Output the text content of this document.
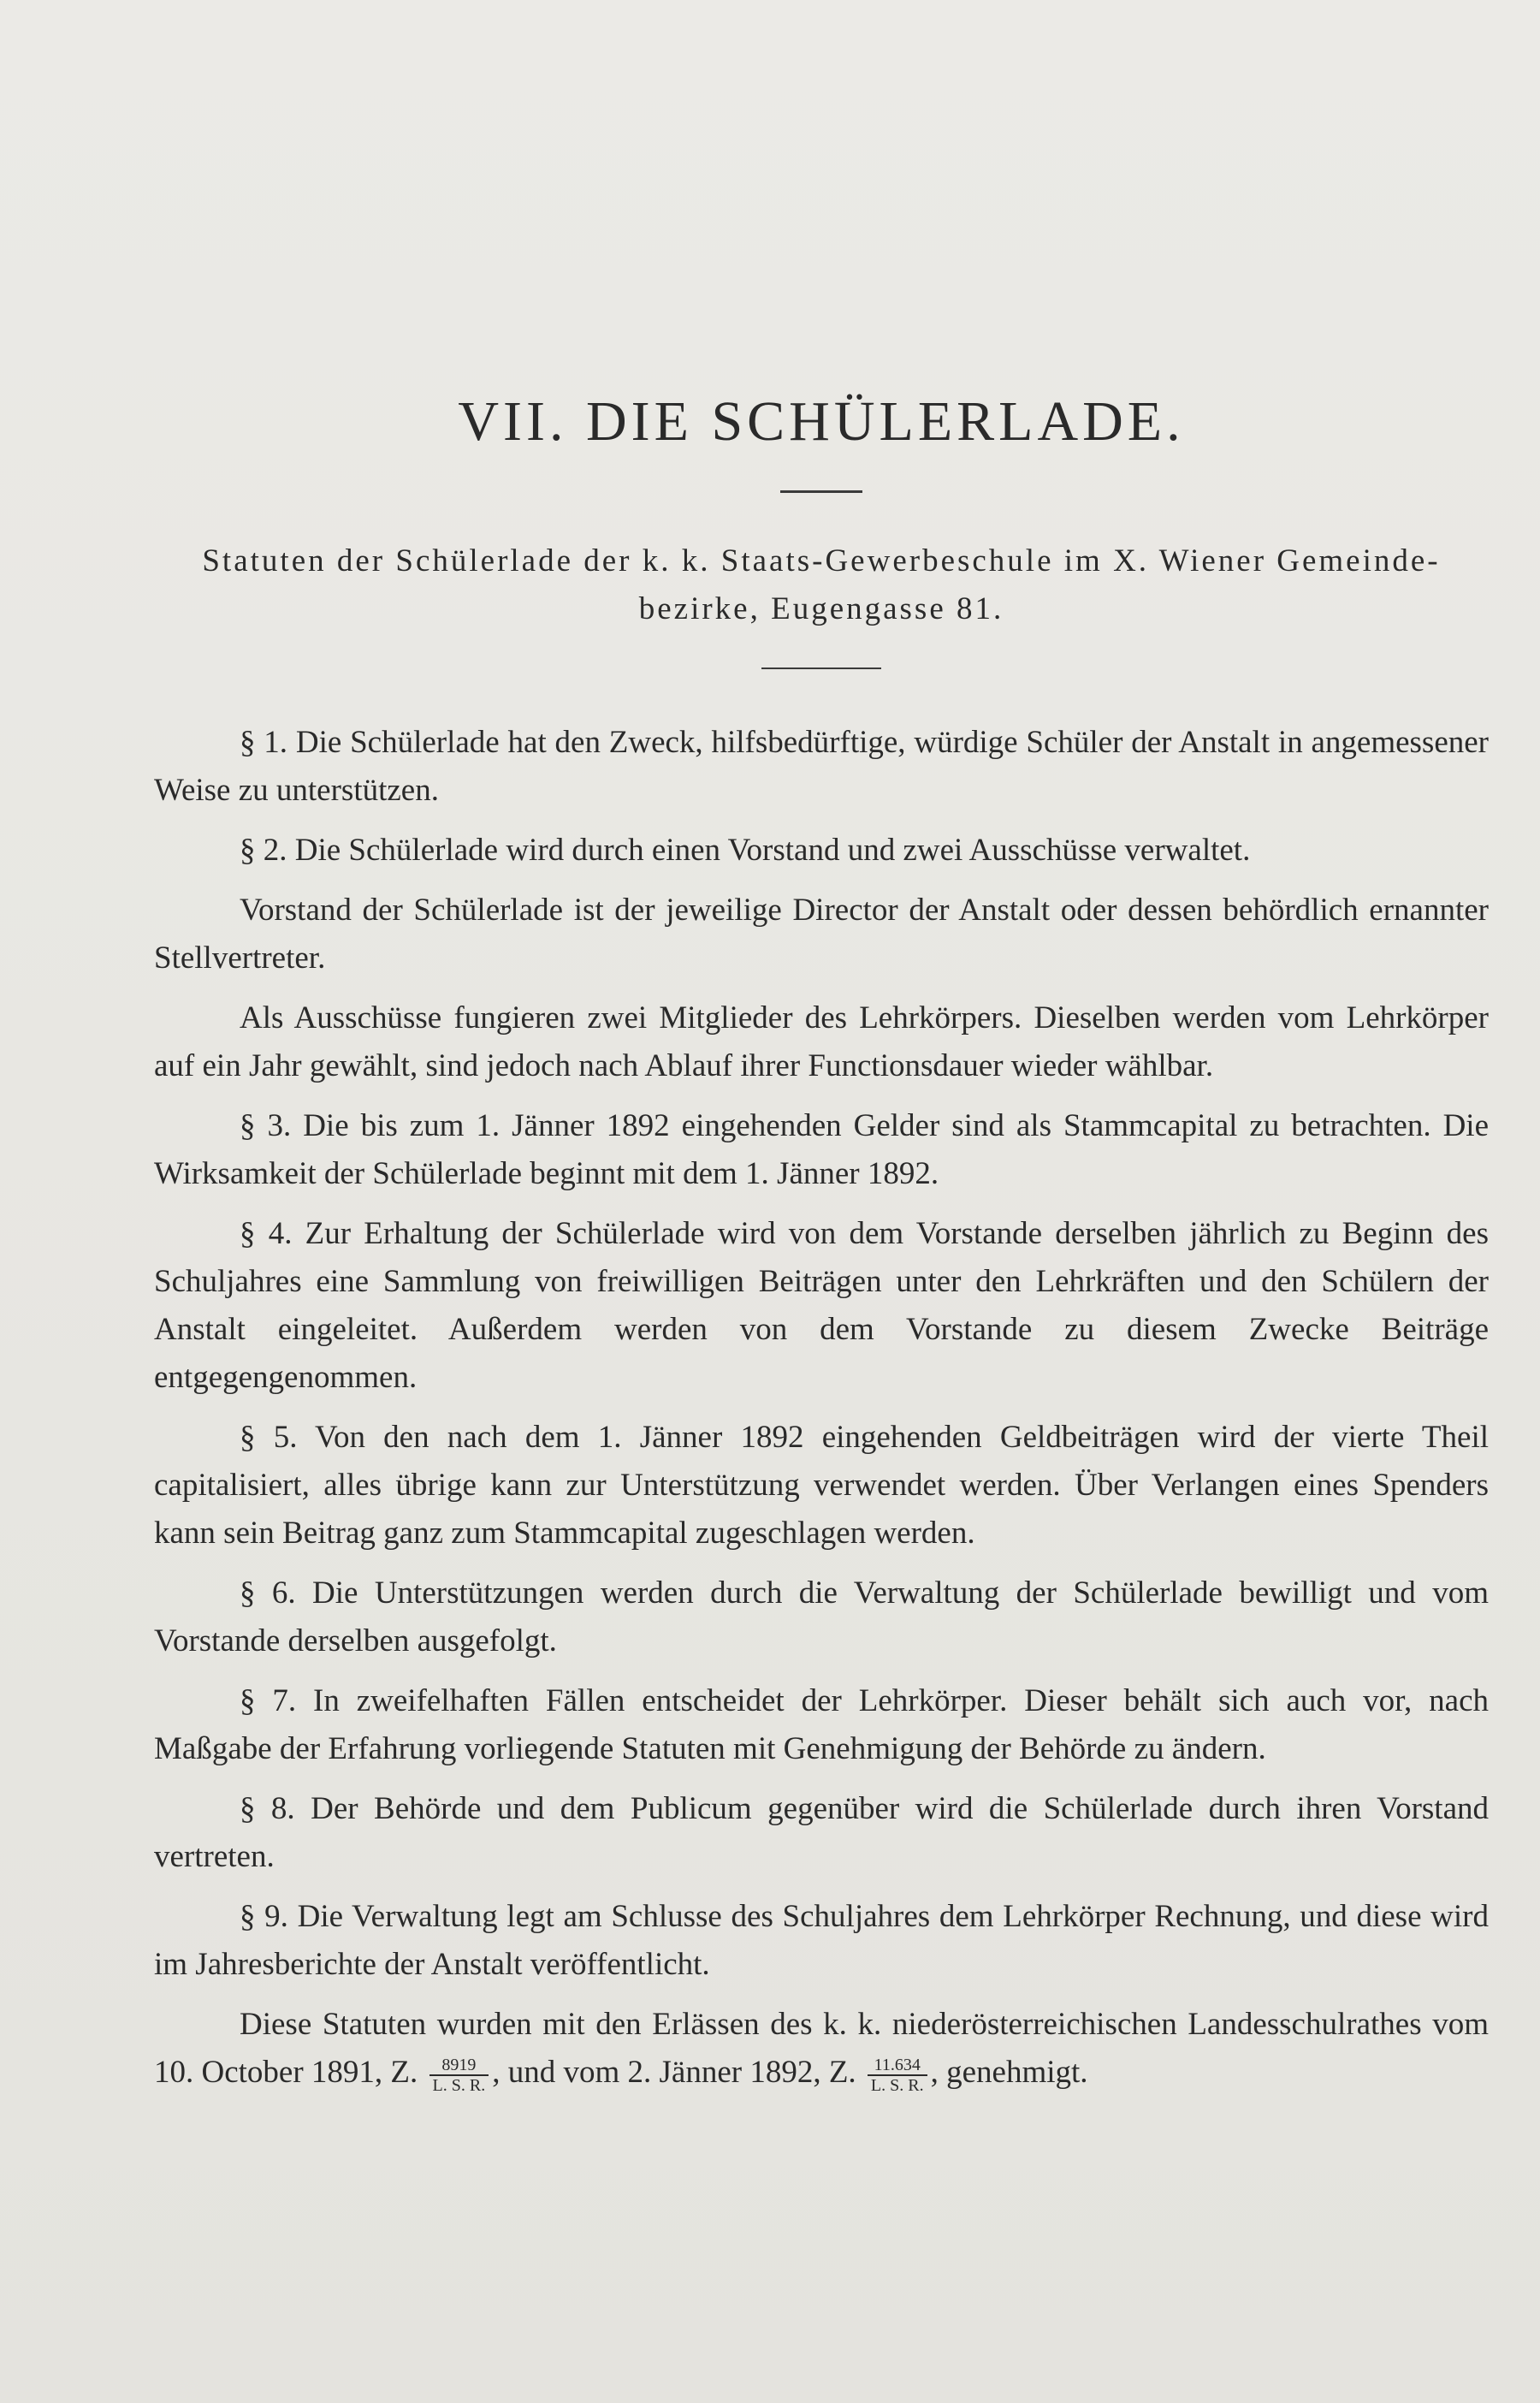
VII. DIE SCHÜLERLADE.

Statuten der Schülerlade der k. k. Staats-Gewerbeschule im X. Wiener Gemeinde-
bezirke, Eugengasse 81.

§ 1. Die Schülerlade hat den Zweck, hilfsbedürftige, würdige Schüler der Anstalt in angemessener Weise zu unterstützen.

§ 2. Die Schülerlade wird durch einen Vorstand und zwei Ausschüsse verwaltet.

Vorstand der Schülerlade ist der jeweilige Director der Anstalt oder dessen behördlich ernannter Stellvertreter.

Als Ausschüsse fungieren zwei Mitglieder des Lehrkörpers. Dieselben werden vom Lehrkörper auf ein Jahr gewählt, sind jedoch nach Ablauf ihrer Functionsdauer wieder wählbar.

§ 3. Die bis zum 1. Jänner 1892 eingehenden Gelder sind als Stammcapital zu betrachten. Die Wirksamkeit der Schülerlade beginnt mit dem 1. Jänner 1892.

§ 4. Zur Erhaltung der Schülerlade wird von dem Vorstande derselben jährlich zu Beginn des Schuljahres eine Sammlung von freiwilligen Beiträgen unter den Lehrkräften und den Schülern der Anstalt eingeleitet. Außerdem werden von dem Vorstande zu diesem Zwecke Beiträge entgegengenommen.

§ 5. Von den nach dem 1. Jänner 1892 eingehenden Geldbeiträgen wird der vierte Theil capitalisiert, alles übrige kann zur Unterstützung verwendet werden. Über Verlangen eines Spenders kann sein Beitrag ganz zum Stammcapital zugeschlagen werden.

§ 6. Die Unterstützungen werden durch die Verwaltung der Schülerlade bewilligt und vom Vorstande derselben ausgefolgt.

§ 7. In zweifelhaften Fällen entscheidet der Lehrkörper. Dieser behält sich auch vor, nach Maßgabe der Erfahrung vorliegende Statuten mit Genehmigung der Behörde zu ändern.

§ 8. Der Behörde und dem Publicum gegenüber wird die Schülerlade durch ihren Vorstand vertreten.

§ 9. Die Verwaltung legt am Schlusse des Schuljahres dem Lehrkörper Rechnung, und diese wird im Jahresberichte der Anstalt veröffentlicht.

Diese Statuten wurden mit den Erlässen des k. k. niederösterreichischen Landesschulrathes vom 10. October 1891, Z. $\frac{8919}{L. S. R.}$ , und vom 2. Jänner 1892, Z. $\frac{11.634}{L. S. R.}$ , genehmigt.
